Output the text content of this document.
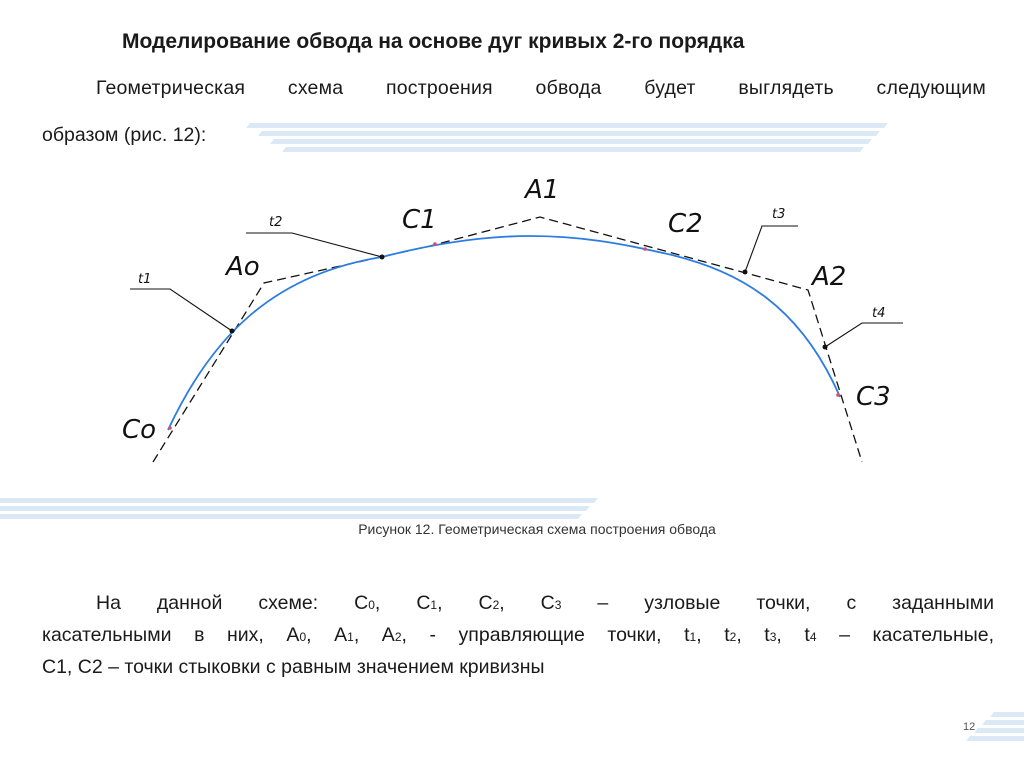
Моделирование обвода на основе дуг кривых 2-го порядка
Геометрическая схема построения обвода будет выглядеть следующим
образом (рис. 12):
A1
Ao	A2
Co
C1	C2
C3
t1
t2
t3
t4
Рисунок 12. Геометрическая схема построения обвода
На данной схеме: С0, С1, С2, С3 – узловые точки, с заданными
касательными в них, А0, А1, А2, - управляющие точки, t1, t2, t3, t4 – касательные,
С1, С2 – точки стыковки с равным значением кривизны
12
